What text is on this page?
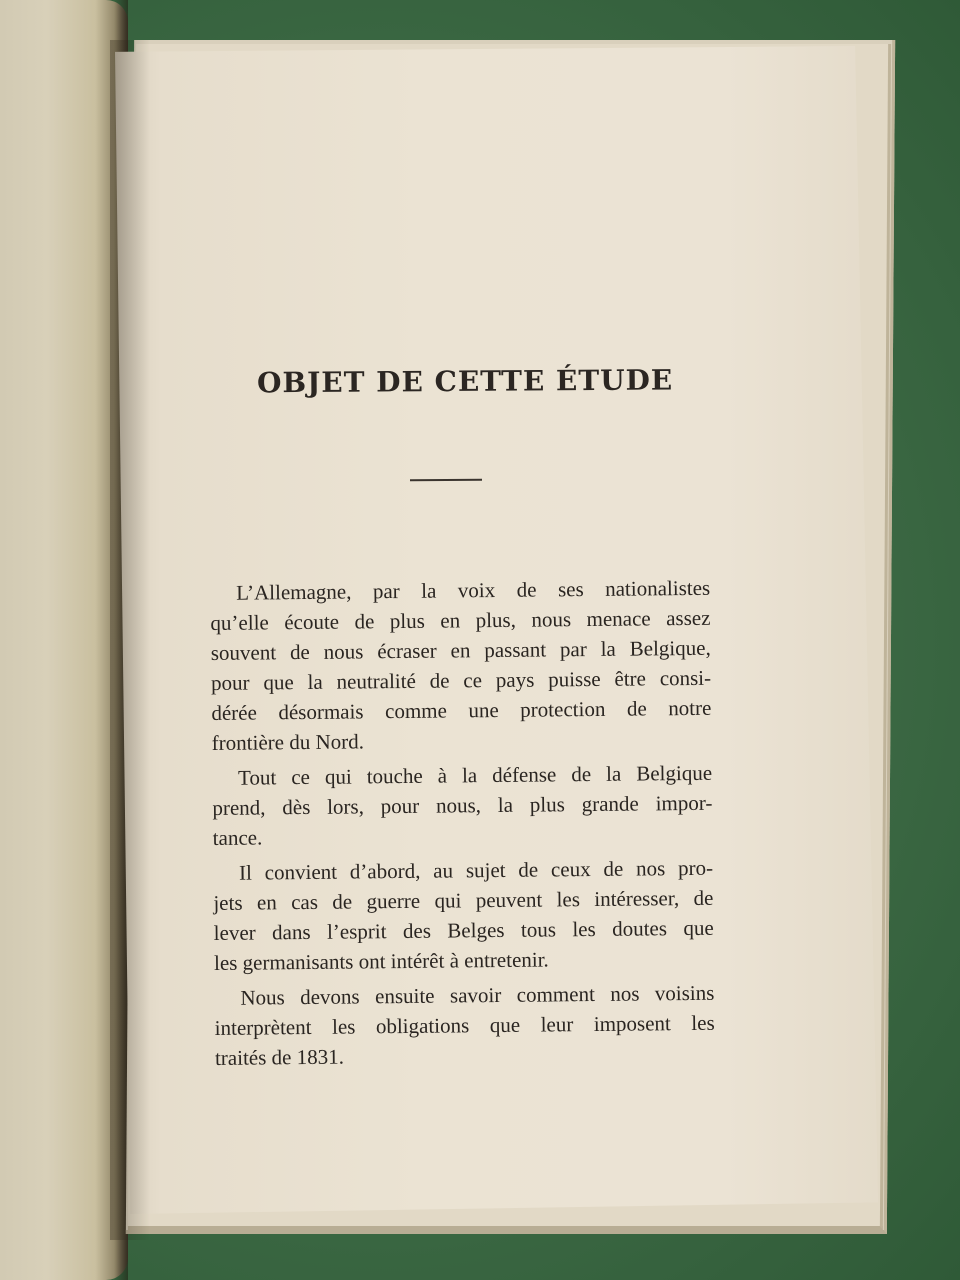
OBJET DE CETTE ÉTUDE
L’Allemagne, par la voix de ses nationalistes
qu’elle écoute de plus en plus, nous menace assez
souvent de nous écraser en passant par la Belgique,
pour que la neutralité de ce pays puisse être consi-
dérée désormais comme une protection de notre
frontière du Nord.
Tout ce qui touche à la défense de la Belgique
prend, dès lors, pour nous, la plus grande impor-
tance.
Il convient d’abord, au sujet de ceux de nos pro-
jets en cas de guerre qui peuvent les intéresser, de
lever dans l’esprit des Belges tous les doutes que
les germanisants ont intérêt à entretenir.
Nous devons ensuite savoir comment nos voisins
interprètent les obligations que leur imposent les
traités de 1831.
